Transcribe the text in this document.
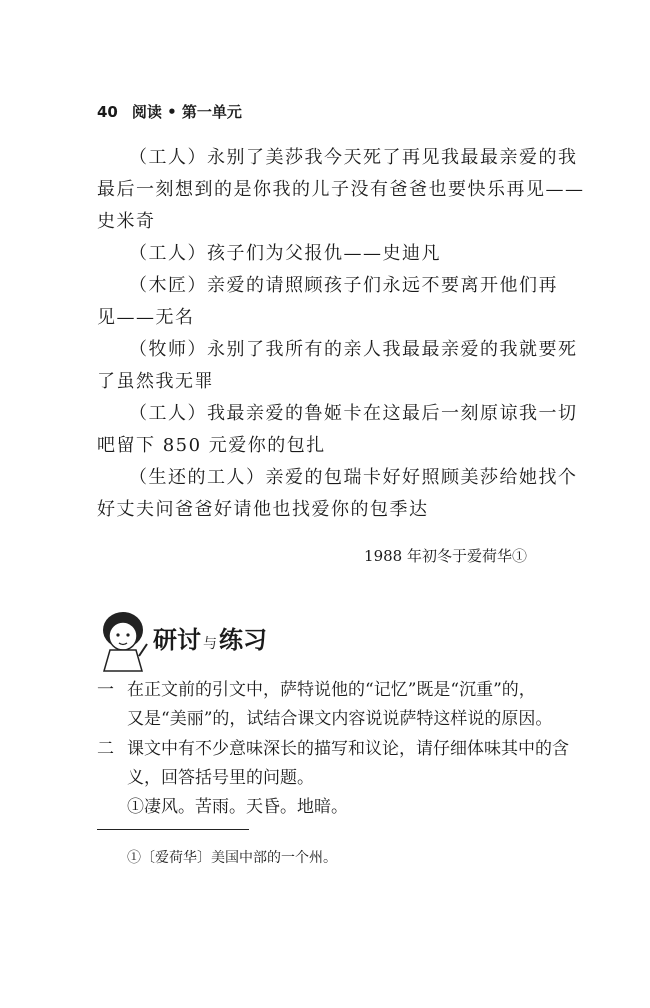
40 阅读 • 第一单元
（工人）永别了美莎我今天死了再见我最最亲爱的我
最后一刻想到的是你我的儿子没有爸爸也要快乐再见——
史米奇
（工人）孩子们为父报仇——史迪凡
（木匠）亲爱的请照顾孩子们永远不要离开他们再
见——无名
（牧师）永别了我所有的亲人我最最亲爱的我就要死
了虽然我无罪
（工人）我最亲爱的鲁姬卡在这最后一刻原谅我一切
吧留下 850 元爱你的包扎
（生还的工人）亲爱的包瑞卡好好照顾美莎给她找个
好丈夫问爸爸好请他也找爱你的包季达
1988 年初冬于爱荷华①
研讨 与练习
一 在正文前的引文中，萨特说他的“记忆”既是“沉重”的，
又是“美丽”的，试结合课文内容说说萨特这样说的原因。
二 课文中有不少意味深长的描写和议论，请仔细体味其中的含
义，回答括号里的问题。
①凄风。苦雨。天昏。地暗。
①〔爱荷华〕美国中部的一个州。
